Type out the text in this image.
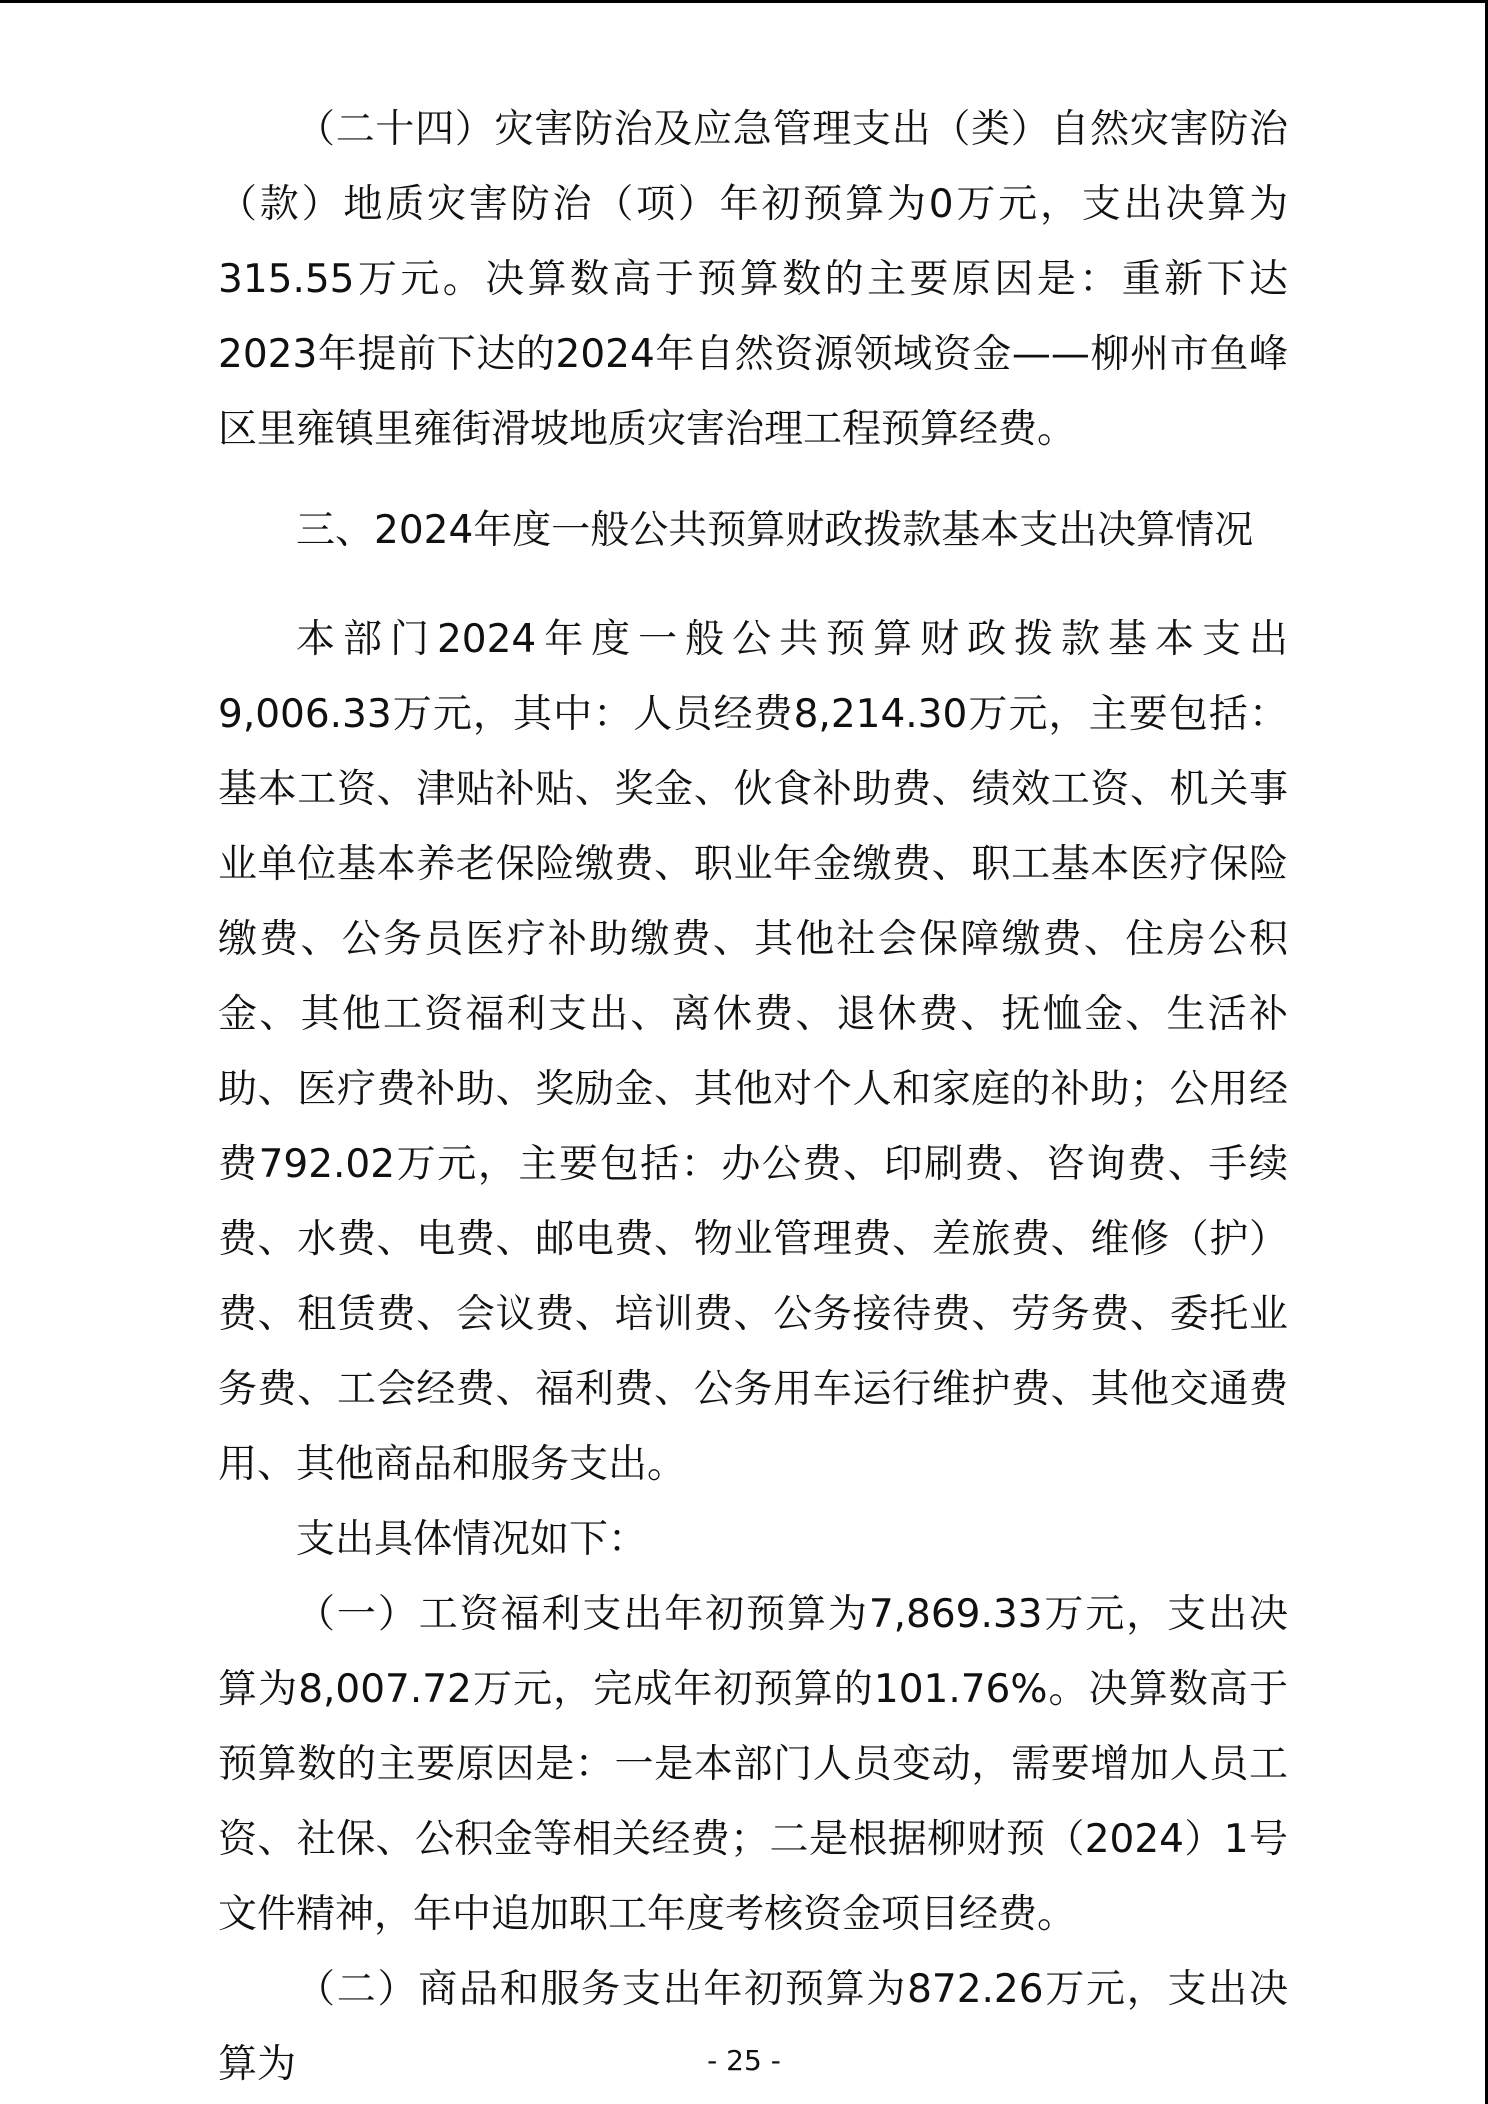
（二十四）灾害防治及应急管理支出（类）自然灾害防治（款）地质灾害防治（项）年初预算为0万元，支出决算为315.55万元。决算数高于预算数的主要原因是：重新下达2023年提前下达的2024年自然资源领域资金——柳州市鱼峰区里雍镇里雍街滑坡地质灾害治理工程预算经费。

三、2024年度一般公共预算财政拨款基本支出决算情况

本部门2024年度一般公共预算财政拨款基本支出9,006.33万元，其中：人员经费8,214.30万元，主要包括：基本工资、津贴补贴、奖金、伙食补助费、绩效工资、机关事业单位基本养老保险缴费、职业年金缴费、职工基本医疗保险缴费、公务员医疗补助缴费、其他社会保障缴费、住房公积金、其他工资福利支出、离休费、退休费、抚恤金、生活补助、医疗费补助、奖励金、其他对个人和家庭的补助；公用经费792.02万元，主要包括：办公费、印刷费、咨询费、手续费、水费、电费、邮电费、物业管理费、差旅费、维修（护）费、租赁费、会议费、培训费、公务接待费、劳务费、委托业务费、工会经费、福利费、公务用车运行维护费、其他交通费用、其他商品和服务支出。

支出具体情况如下：

（一）工资福利支出年初预算为7,869.33万元，支出决算为8,007.72万元，完成年初预算的101.76%。决算数高于预算数的主要原因是：一是本部门人员变动，需要增加人员工资、社保、公积金等相关经费；二是根据柳财预（2024）1号文件精神，年中追加职工年度考核资金项目经费。

（二）商品和服务支出年初预算为872.26万元，支出决算为	- 25 -
